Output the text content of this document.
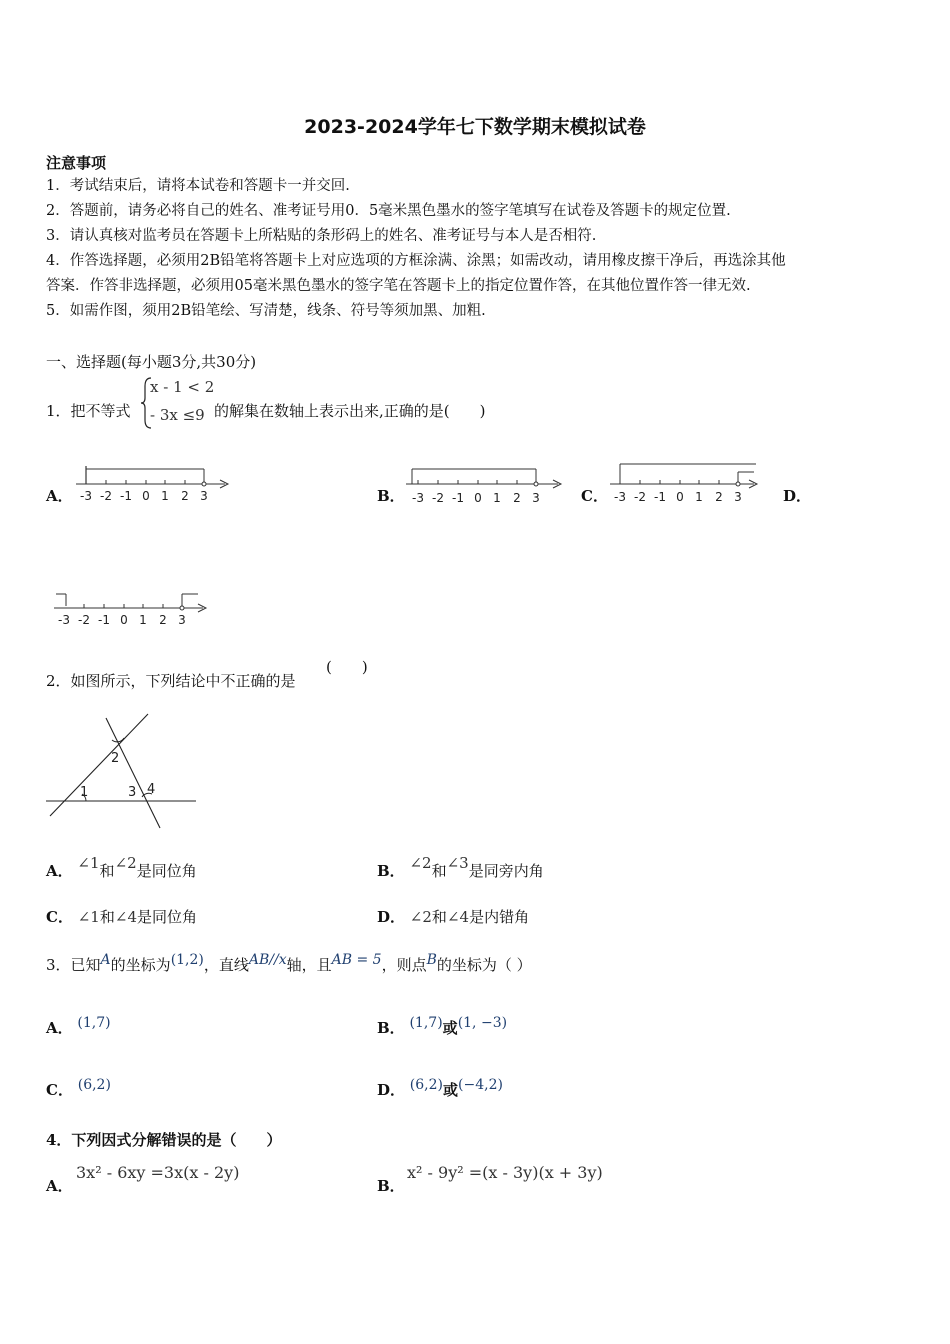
2023-2024学年七下数学期末模拟试卷
注意事项
1．考试结束后，请将本试卷和答题卡一并交回.
2．答题前，请务必将自己的姓名、准考证号用0．5毫米黑色墨水的签字笔填写在试卷及答题卡的规定位置.
3．请认真核对监考员在答题卡上所粘贴的条形码上的姓名、准考证号与本人是否相符.
4．作答选择题，必须用2B铅笔将答题卡上对应选项的方框涂满、涂黑；如需改动，请用橡皮擦干净后，再选涂其他
答案．作答非选择题，必须用05毫米黑色墨水的签字笔在答题卡上的指定位置作答，在其他位置作答一律无效.
5．如需作图，须用2B铅笔绘、写清楚，线条、符号等须加黑、加粗.
一、选择题(每小题3分,共30分)
1．把不等式
x - 1 < 2
- 3x ≤9 的解集在数轴上表示出来,正确的是(　　)
A． -3 -2 -1 0 1 2 3	B． -3 -2 -1 0 1 2 3	C． -3 -2 -1 0 1 2 3	D．
-3 -2 -1 0 1 2 3
2．如图所示，下列结论中不正确的是
(　　)
1
2
3 4
A． ∠1和∠2是同位角	B． ∠2和∠3是同旁内角
C． ∠1和∠4是同位角	D． ∠2和∠4是内错角
3．已知A的坐标为(1,2)，直线AB//x轴，且AB = 5，则点B的坐标为（ ）
A． (1,7)	B． (1,7)或(1, −3)
C． (6,2)	D． (6,2)或(−4,2)
4．下列因式分解错误的是（　　）
A．
3x² - 6xy =3x(x - 2y)
B．
x² - 9y² =(x - 3y)(x + 3y)
